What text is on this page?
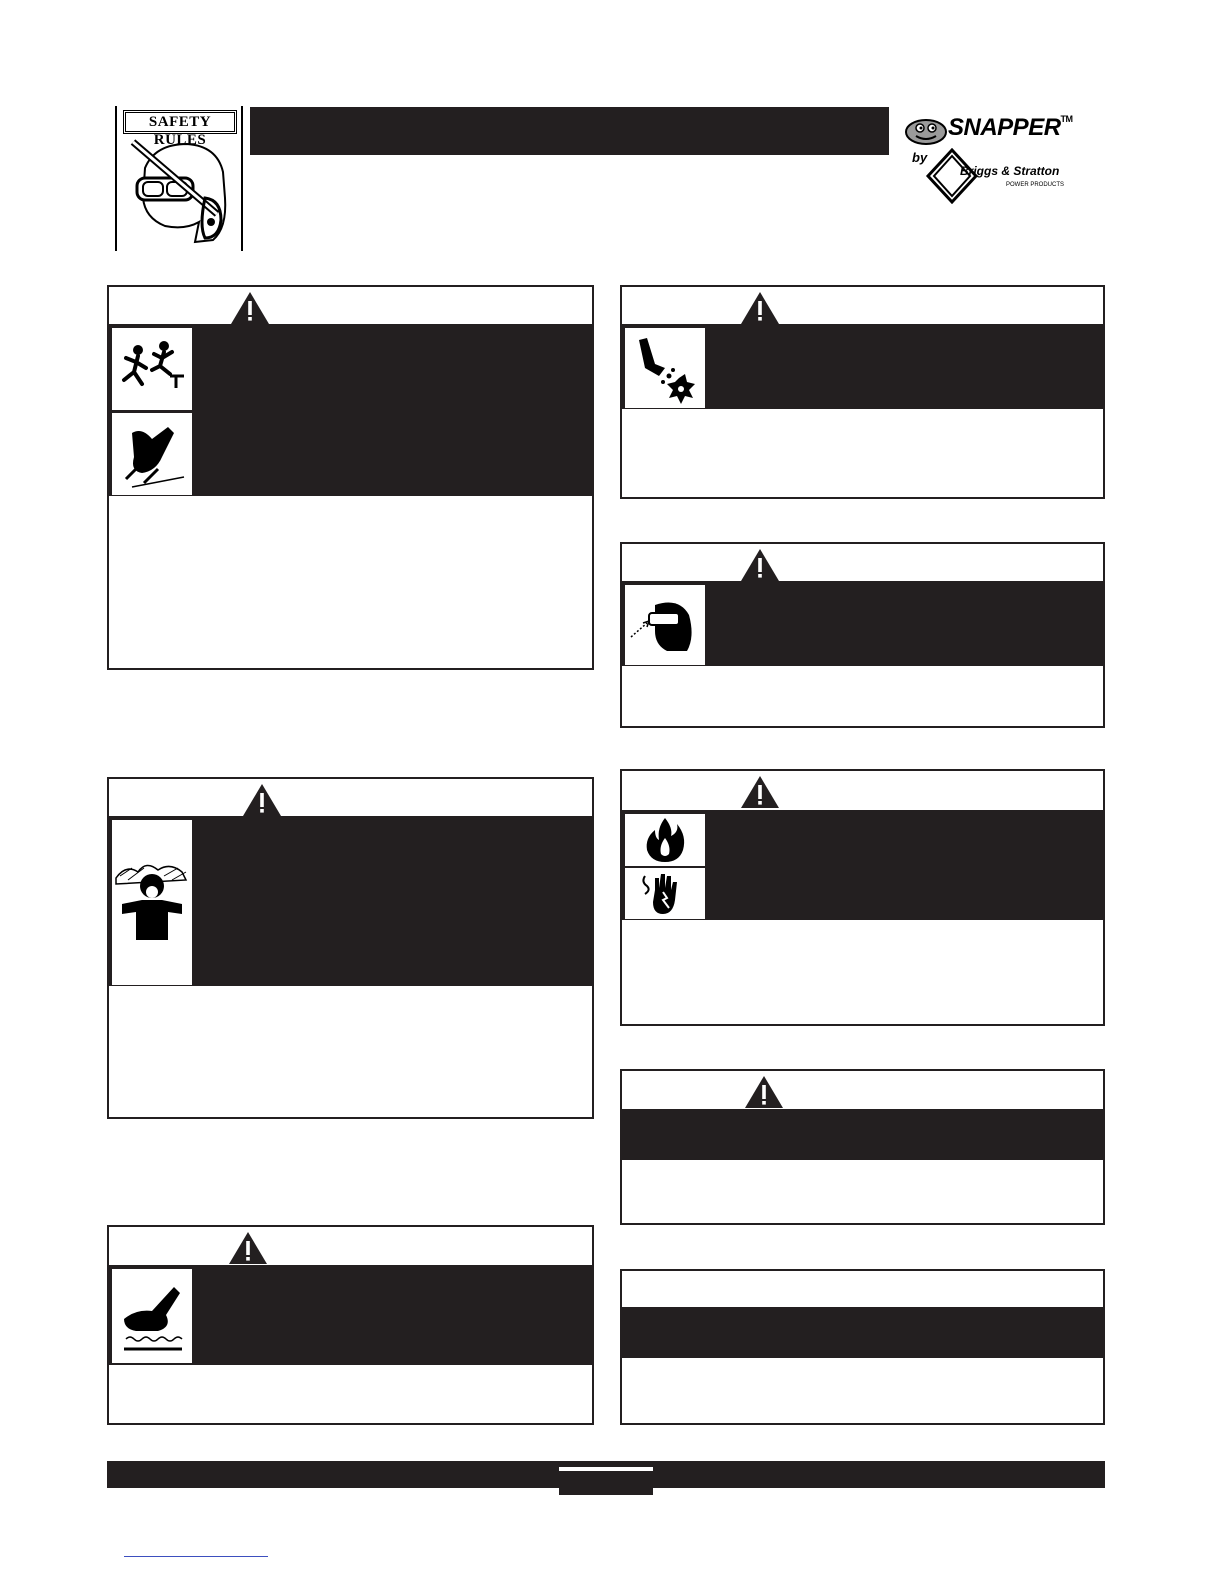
SAFETY RULES	SNAPPER™
by
Briggs & Stratton
POWER PRODUCTS
